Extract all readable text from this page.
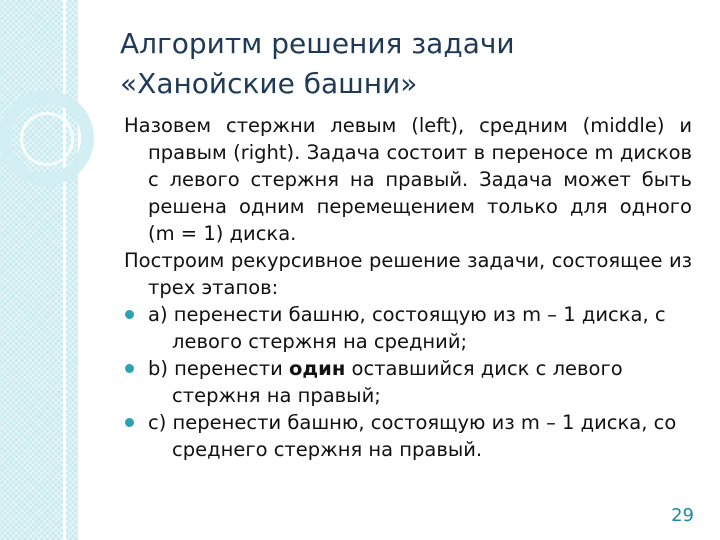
Алгоритм решения задачи
«Ханойские башни»

Назовем стержни левым (left), средним (middle) и правым (right). Задача состоит в переносе m дисков с левого стержня на правый. Задача может быть решена одним перемещением только для одного (m = 1) диска.

Построим рекурсивное решение задачи, состоящее из трех этапов:

a) перенести башню, состоящую из m – 1 диска, с левого стержня на средний;
b) перенести один оставшийся диск с левого стержня на правый;
c) перенести башню, состоящую из m – 1 диска, со среднего стержня на правый.
29
